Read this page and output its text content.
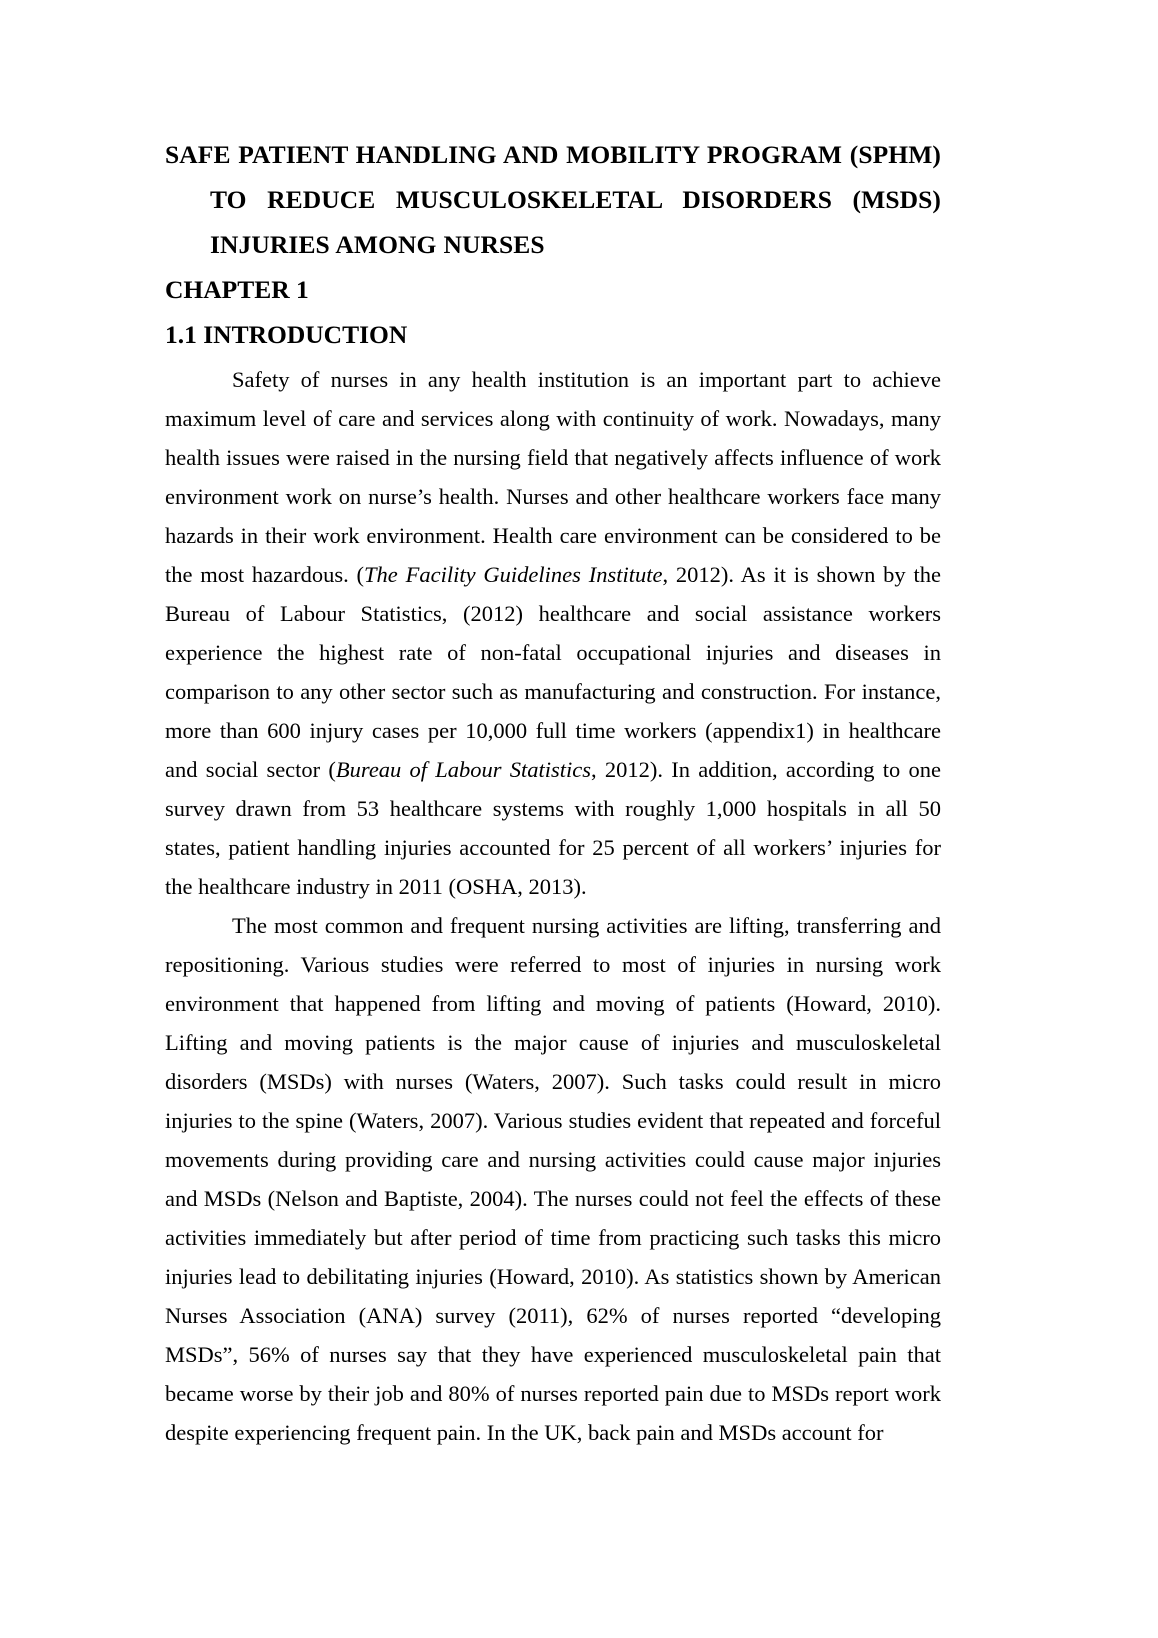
SAFE PATIENT HANDLING AND MOBILITY PROGRAM (SPHM) TO REDUCE MUSCULOSKELETAL DISORDERS (MSDS) INJURIES AMONG NURSES
CHAPTER 1
1.1 INTRODUCTION

Safety of nurses in any health institution is an important part to achieve maximum level of care and services along with continuity of work. Nowadays, many health issues were raised in the nursing field that negatively affects influence of work environment work on nurse’s health. Nurses and other healthcare workers face many hazards in their work environment. Health care environment can be considered to be the most hazardous. (The Facility Guidelines Institute, 2012). As it is shown by the Bureau of Labour Statistics, (2012) healthcare and social assistance workers experience the highest rate of non-fatal occupational injuries and diseases in comparison to any other sector such as manufacturing and construction. For instance, more than 600 injury cases per 10,000 full time workers (appendix1) in healthcare and social sector (Bureau of Labour Statistics, 2012). In addition, according to one survey drawn from 53 healthcare systems with roughly 1,000 hospitals in all 50 states, patient handling injuries accounted for 25 percent of all workers’ injuries for the healthcare industry in 2011 (OSHA, 2013).

The most common and frequent nursing activities are lifting, transferring and repositioning. Various studies were referred to most of injuries in nursing work environment that happened from lifting and moving of patients (Howard, 2010). Lifting and moving patients is the major cause of injuries and musculoskeletal disorders (MSDs) with nurses (Waters, 2007). Such tasks could result in micro injuries to the spine (Waters, 2007). Various studies evident that repeated and forceful movements during providing care and nursing activities could cause major injuries and MSDs (Nelson and Baptiste, 2004). The nurses could not feel the effects of these activities immediately but after period of time from practicing such tasks this micro injuries lead to debilitating injuries (Howard, 2010). As statistics shown by American Nurses Association (ANA) survey (2011), 62% of nurses reported “developing MSDs”, 56% of nurses say that they have experienced musculoskeletal pain that became worse by their job and 80% of nurses reported pain due to MSDs report work despite experiencing frequent pain. In the UK, back pain and MSDs account for
